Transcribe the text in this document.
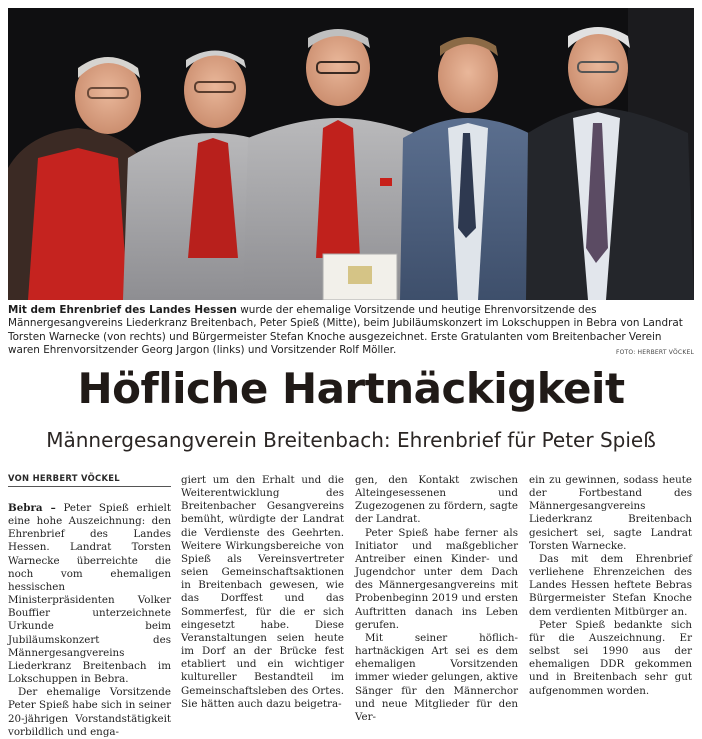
Mit dem Ehrenbrief des Landes Hessen wurde der ehemalige Vorsitzende und heutige Ehrenvorsitzende des Männergesangvereins Liederkranz Breitenbach, Peter Spieß (Mitte), beim Jubiläumskonzert im Lokschuppen in Bebra von Landrat Torsten Warnecke (von rechts) und Bürgermeister Stefan Knoche ausgezeichnet. Erste Gratulanten vom Breitenbacher Verein waren Ehrenvorsitzender Georg Jargon (links) und Vorsitzender Rolf Möller.	FOTO: HERBERT VÖCKEL
Höfliche Hartnäckigkeit
Männergesangverein Breitenbach: Ehrenbrief für Peter Spieß
VON HERBERT VÖCKEL

Bebra – Peter Spieß erhielt eine hohe Auszeichnung: den Ehrenbrief des Landes Hessen. Landrat Torsten Warnecke überreichte die noch vom ehemaligen hessischen Ministerpräsidenten Volker Bouffier unterzeichnete Urkunde beim Jubiläumskonzert des Männergesangvereins Liederkranz Breitenbach im Lokschuppen in Bebra.

Der ehemalige Vorsitzende Peter Spieß habe sich in seiner 20-jährigen Vorstandstätigkeit vorbildlich und enga-

giert um den Erhalt und die Weiterentwicklung des Breitenbacher Gesangvereins bemüht, würdigte der Landrat die Verdienste des Geehrten. Weitere Wirkungsbereiche von Spieß als Vereinsvertreter seien Gemeinschaftsaktionen in Breitenbach gewesen, wie das Dorffest und das Sommerfest, für die er sich eingesetzt habe. Diese Veranstaltungen seien heute im Dorf an der Brücke fest etabliert und ein wichtiger kultureller Bestandteil im Gemeinschaftsleben des Ortes. Sie hätten auch dazu beigetra-

gen, den Kontakt zwischen Alteingesessenen und Zugezogenen zu fördern, sagte der Landrat.

Peter Spieß habe ferner als Initiator und maßgeblicher Antreiber einen Kinder- und Jugendchor unter dem Dach des Männergesangvereins mit Probenbeginn 2019 und ersten Auftritten danach ins Leben gerufen.

Mit seiner höflich-hartnäckigen Art sei es dem ehemaligen Vorsitzenden immer wieder gelungen, aktive Sänger für den Männerchor und neue Mitglieder für den Ver-

ein zu gewinnen, sodass heute der Fortbestand des Männergesangvereins Liederkranz Breitenbach gesichert sei, sagte Landrat Torsten Warnecke.

Das mit dem Ehrenbrief verliehene Ehrenzeichen des Landes Hessen heftete Bebras Bürgermeister Stefan Knoche dem verdienten Mitbürger an.

Peter Spieß bedankte sich für die Auszeichnung. Er selbst sei 1990 aus der ehemaligen DDR gekommen und in Breitenbach sehr gut aufgenommen worden.
